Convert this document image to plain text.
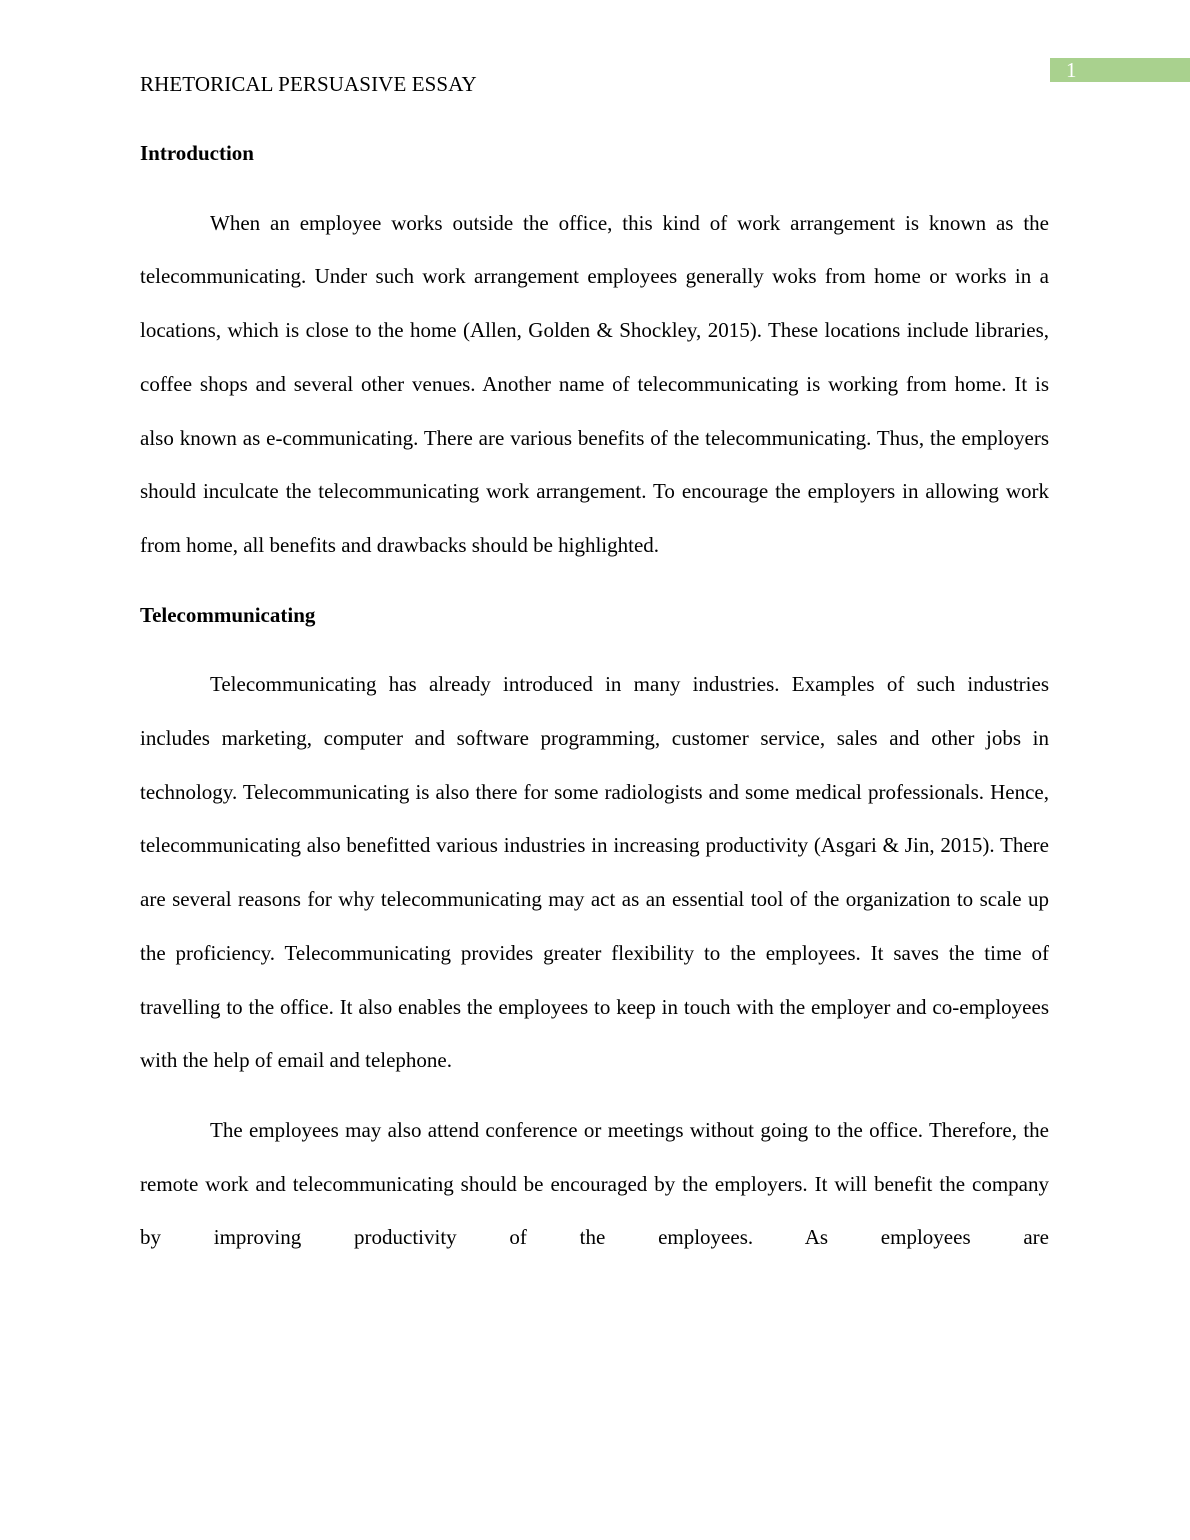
1
RHETORICAL PERSUASIVE ESSAY
Introduction

When an employee works outside the office, this kind of work arrangement is known as the telecommunicating. Under such work arrangement employees generally woks from home or works in a locations, which is close to the home (Allen, Golden & Shockley, 2015). These locations include libraries, coffee shops and several other venues. Another name of telecommunicating is working from home. It is also known as e-communicating. There are various benefits of the telecommunicating. Thus, the employers should inculcate the telecommunicating work arrangement. To encourage the employers in allowing work from home, all benefits and drawbacks should be highlighted.

Telecommunicating

Telecommunicating has already introduced in many industries. Examples of such industries includes marketing, computer and software programming, customer service, sales and other jobs in technology. Telecommunicating is also there for some radiologists and some medical professionals. Hence, telecommunicating also benefitted various industries in increasing productivity (Asgari & Jin, 2015). There are several reasons for why telecommunicating may act as an essential tool of the organization to scale up the proficiency. Telecommunicating provides greater flexibility to the employees. It saves the time of travelling to the office. It also enables the employees to keep in touch with the employer and co-employees with the help of email and telephone.

The employees may also attend conference or meetings without going to the office. Therefore, the remote work and telecommunicating should be encouraged by the employers. It will benefit the company by improving productivity of the employees. As employees are
